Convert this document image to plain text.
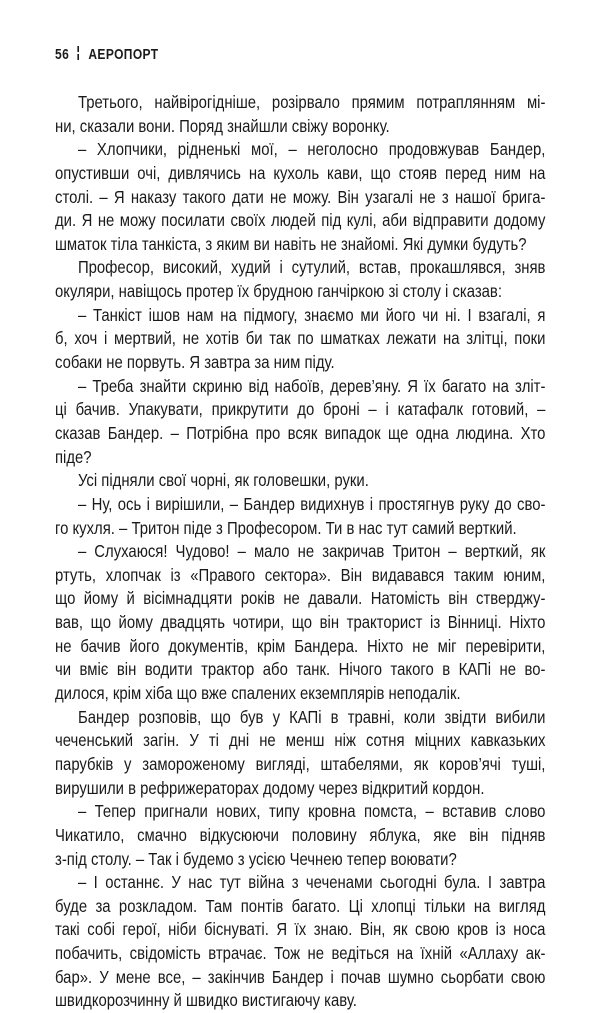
56 АЕРОПОРТ
Третього, найвірогідніше, розірвало прямим потраплянням мі-
ни, сказали вони. Поряд знайшли свіжу воронку.
– Хлопчики, рідненькі мої, – неголосно продовжував Бандер,
опустивши очі, дивлячись на кухоль кави, що стояв перед ним на
столі. – Я наказу такого дати не можу. Він узагалі не з нашої брига-
ди. Я не можу посилати своїх людей під кулі, аби відправити додому
шматок тіла танкіста, з яким ви навіть не знайомі. Які думки будуть?
Професор, високий, худий і сутулий, встав, прокашлявся, зняв
окуляри, навіщось протер їх брудною ганчіркою зі столу і сказав:
– Танкіст ішов нам на підмогу, знаємо ми його чи ні. І взагалі, я
б, хоч і мертвий, не хотів би так по шматках лежати на злітці, поки
собаки не порвуть. Я завтра за ним піду.
– Треба знайти скриню від набоїв, дерев’яну. Я їх багато на зліт-
ці бачив. Упакувати, прикрутити до броні – і катафалк готовий, –
сказав Бандер. – Потрібна про всяк випадок ще одна людина. Хто
піде?
Усі підняли свої чорні, як головешки, руки.
– Ну, ось і вирішили, – Бандер видихнув і простягнув руку до сво-
го кухля. – Тритон піде з Професором. Ти в нас тут самий верткий.
– Слухаюся! Чудово! – мало не закричав Тритон – верткий, як
ртуть, хлопчак із «Правого сектора». Він видавався таким юним,
що йому й вісімнадцяти років не давали. Натомість він стверджу-
вав, що йому двадцять чотири, що він тракторист із Вінниці. Ніхто
не бачив його документів, крім Бандера. Ніхто не міг перевірити,
чи вміє він водити трактор або танк. Нічого такого в КАПі не во-
дилося, крім хіба що вже спалених екземплярів неподалік.
Бандер розповів, що був у КАПі в травні, коли звідти вибили
чеченський загін. У ті дні не менш ніж сотня міцних кавказьких
парубків у замороженому вигляді, штабелями, як коров’ячі туші,
вирушили в рефрижераторах додому через відкритий кордон.
– Тепер пригнали нових, типу кровна помста, – вставив слово
Чикатило, смачно відкусюючи половину яблука, яке він підняв
з-під столу. – Так і будемо з усією Чечнею тепер воювати?
– І останнє. У нас тут війна з чеченами сьогодні була. І завтра
буде за розкладом. Там понтів багато. Ці хлопці тільки на вигляд
такі собі герої, ніби біснуваті. Я їх знаю. Він, як свою кров із носа
побачить, свідомість втрачає. Тож не ведіться на їхній «Аллаху ак-
бар». У мене все, – закінчив Бандер і почав шумно сьорбати свою
швидкорозчинну й швидко вистигаючу каву.
